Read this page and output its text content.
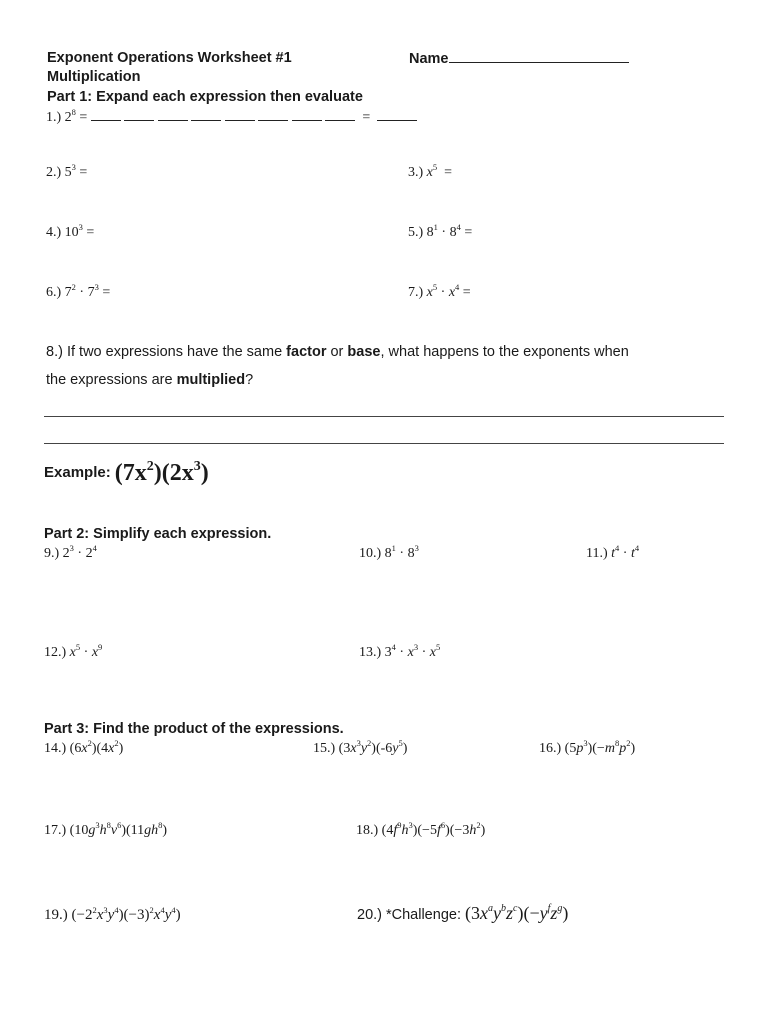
Exponent Operations Worksheet #1
Multiplication
Name
Part 1: Expand each expression then evaluate
1.) $2^8$ =	=
2.) $5^3$ =	3.) $x^5$  =
4.) $10^3$ =	5.) $8^1 \cdot 8^4$ =
6.) $7^2 \cdot 7^3$ =	7.) $x^5 \cdot x^4$ =
8.) If two expressions have the same factor or base, what happens to the exponents when
the expressions are multiplied?
Example: $(7x^2)(2x^3)$
Part 2: Simplify each expression.
9.) $2^3 \cdot 2^4$	10.) $8^1 \cdot 8^3$	11.) $t^4 \cdot t^4$
12.) $x^5 \cdot x^9$	13.) $3^4 \cdot x^3 \cdot x^5$
Part 3: Find the product of the expressions.
14.) $(6x^2)(4x^2)$	15.) $(3x^3y^2)(-6y^5)$	16.) $(5p^3)(-m^8p^2)$
17.) $(10g^3h^8v^6)(11gh^8)$	18.) $(4f^9h^3)(-5f^6)(-3h^2)$
19.) $(-2^2x^3y^4)(-3)^2x^4y^4$)	20.) *Challenge: $(3x^ay^bz^c)(-y^fz^g)$
